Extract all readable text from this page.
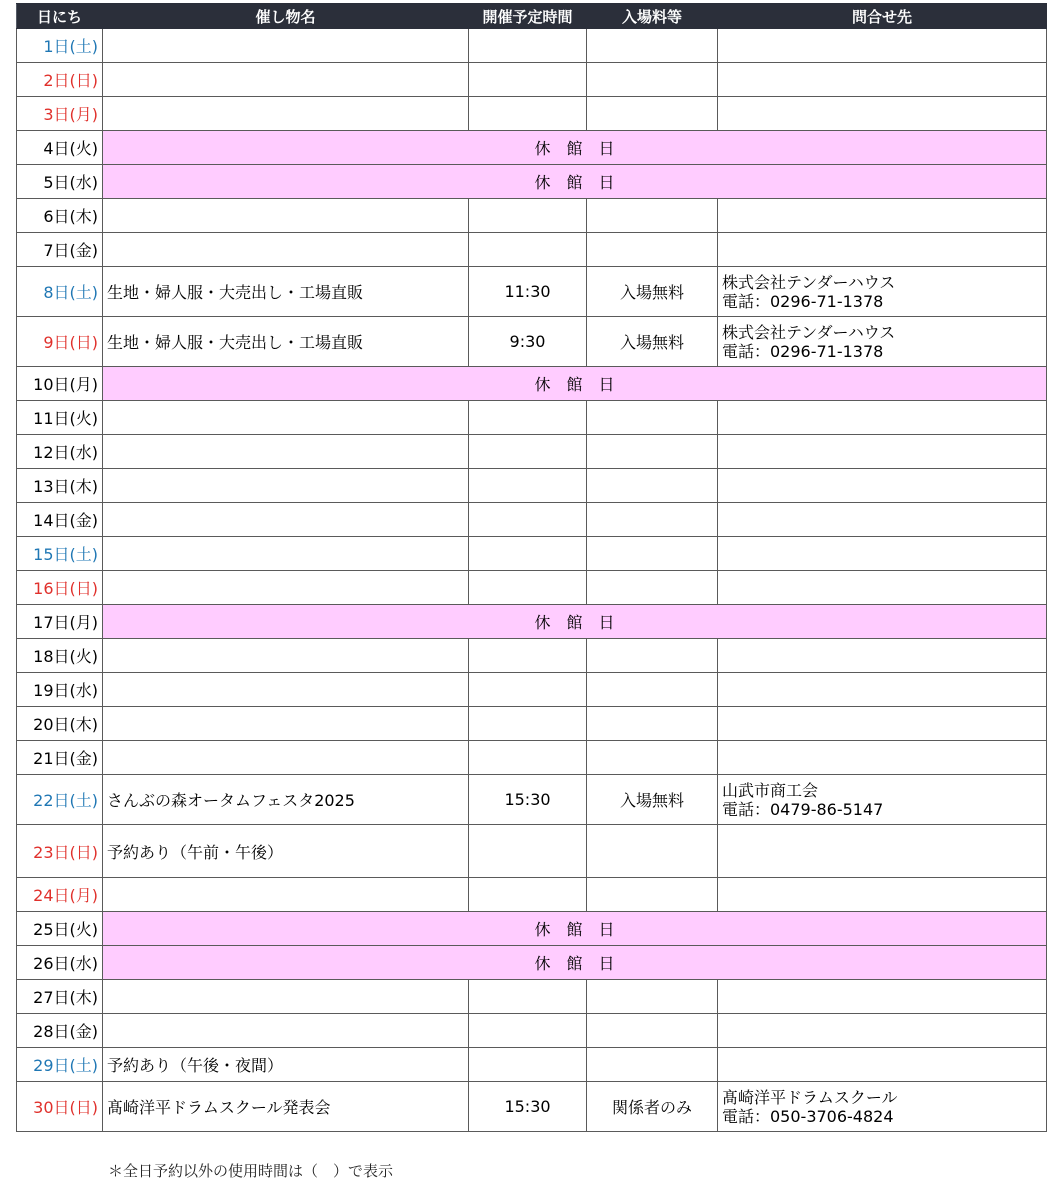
日にち	催し物名	開催予定時間	入場料等	問合せ先
1日(土)				
2日(日)				
3日(月)				
4日(火)	休　館　日			
5日(水)	休　館　日			
6日(木)				
7日(金)				
8日(土)	生地・婦人服・大売出し・工場直販	11:30	入場無料	株式会社テンダーハウス
電話：0296-71-1378

9日(日)	生地・婦人服・大売出し・工場直販	9:30	入場無料	株式会社テンダーハウス
電話：0296-71-1378

10日(月)	休　館　日			
11日(火)				
12日(水)				
13日(木)				
14日(金)				
15日(土)				
16日(日)				
17日(月)	休　館　日			
18日(火)				
19日(水)				
20日(木)				
21日(金)				
22日(土)	さんぶの森オータムフェスタ2025	15:30	入場無料	山武市商工会
電話：0479-86-5147

23日(日)	予約あり（午前・午後）			
24日(月)				
25日(火)	休　館　日			
26日(水)	休　館　日			
27日(木)				
28日(金)				
29日(土)	予約あり（午後・夜間）			
30日(日)	髙崎洋平ドラムスクール発表会	15:30	関係者のみ	髙崎洋平ドラムスクール
電話：050-3706-4824
＊全日予約以外の使用時間は（　）で表示
